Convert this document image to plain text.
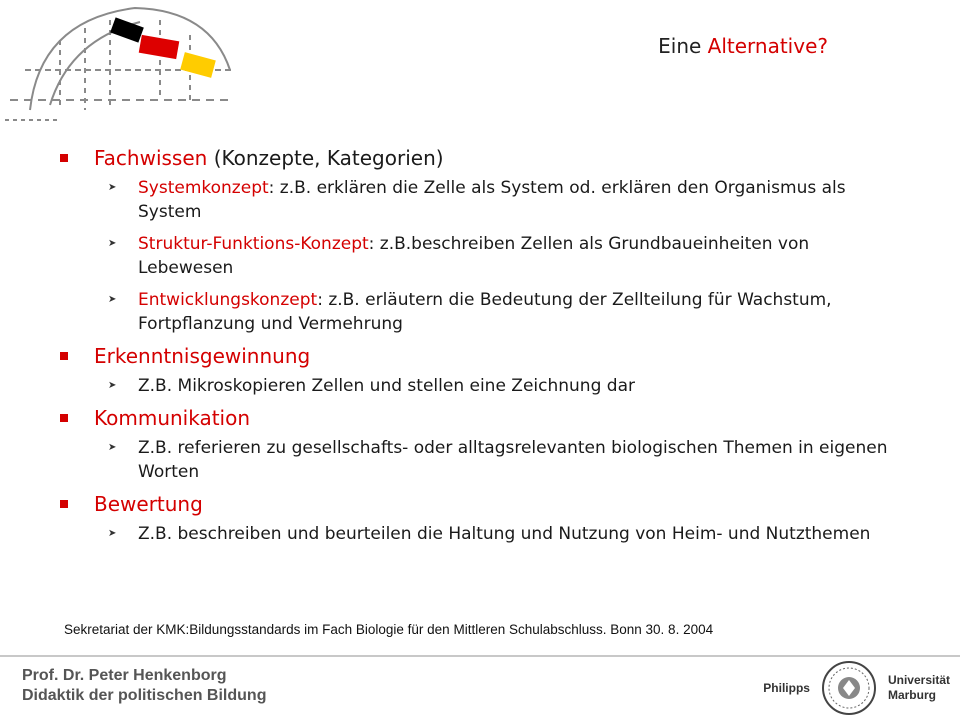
Eine Alternative?
Fachwissen (Konzepte, Kategorien)
➤	Systemkonzept: z.B. erklären die Zelle als System od. erklären den Organismus als System
➤	Struktur-Funktions-Konzept: z.B.beschreiben Zellen als Grundbaueinheiten von Lebewesen
➤	Entwicklungskonzept: z.B. erläutern die Bedeutung der Zellteilung für Wachstum, Fortpflanzung und Vermehrung
Erkenntnisgewinnung
➤	Z.B. Mikroskopieren Zellen und stellen eine Zeichnung dar
Kommunikation
➤	Z.B. referieren zu gesellschafts- oder alltagsrelevanten biologischen Themen in eigenen Worten
Bewertung
➤	Z.B. beschreiben und beurteilen die Haltung und Nutzung von Heim- und Nutzthemen
Sekretariat der KMK:Bildungsstandards im Fach Biologie für den Mittleren Schulabschluss. Bonn 30. 8. 2004
Prof. Dr. Peter Henkenborg
Didaktik der politischen Bildung	Philipps
Universität
Marburg
